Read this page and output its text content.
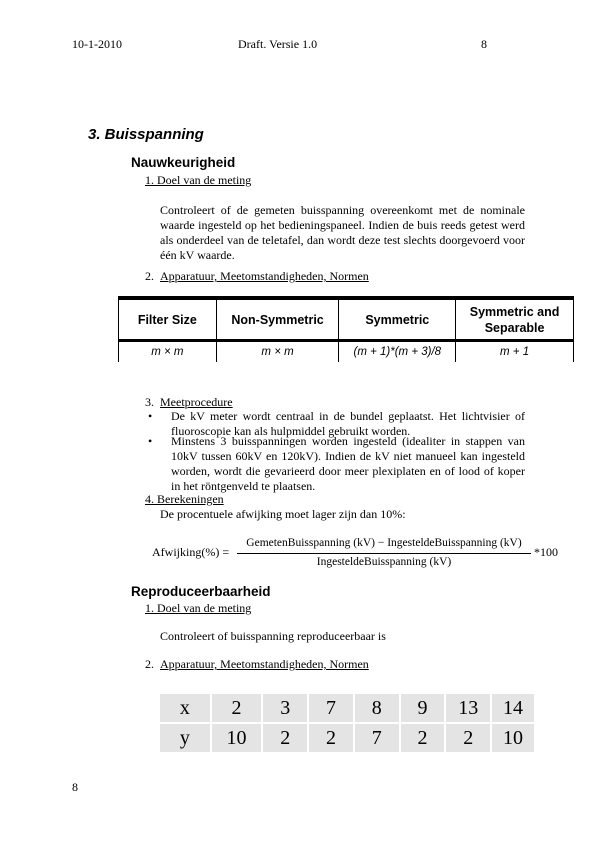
10-1-2010	Draft. Versie 1.0	8
3. Buisspanning
Nauwkeurigheid
1. Doel van de meting
Controleert of de gemeten buisspanning overeenkomt met de nominale waarde ingesteld op het bedieningspaneel. Indien de buis reeds getest werd als onderdeel van de teletafel, dan wordt deze test slechts doorgevoerd voor één kV waarde.
2. Apparatuur, Meetomstandigheden, Normen
Filter Size	Non-Symmetric	Symmetric	Symmetric and Separable

m × m	m × m	(m + 1)*(m + 3)/8	m + 1
3. Meetprocedure
•	De kV meter wordt centraal in de bundel geplaatst. Het lichtvisier of fluoroscopie kan als hulpmiddel gebruikt worden.
•	Minstens 3 buisspanningen worden ingesteld (idealiter in stappen van 10kV tussen 60kV en 120kV). Indien de kV niet manueel kan ingesteld worden, wordt die gevarieerd door meer plexiplaten en of lood of koper in het röntgenveld te plaatsen.
4. Berekeningen
De procentuele afwijking moet lager zijn dan 10%:
Afwijking(%) =
GemetenBuisspanning (kV) − IngesteldeBuisspanning (kV)
IngesteldeBuisspanning (kV)
*100
Reproduceerbaarheid
1. Doel van de meting
Controleert of buisspanning reproduceerbaar is
2. Apparatuur, Meetomstandigheden, Normen
x	2	3	7	8	9	13	14
y	10	2	2	7	2	2	10
8
